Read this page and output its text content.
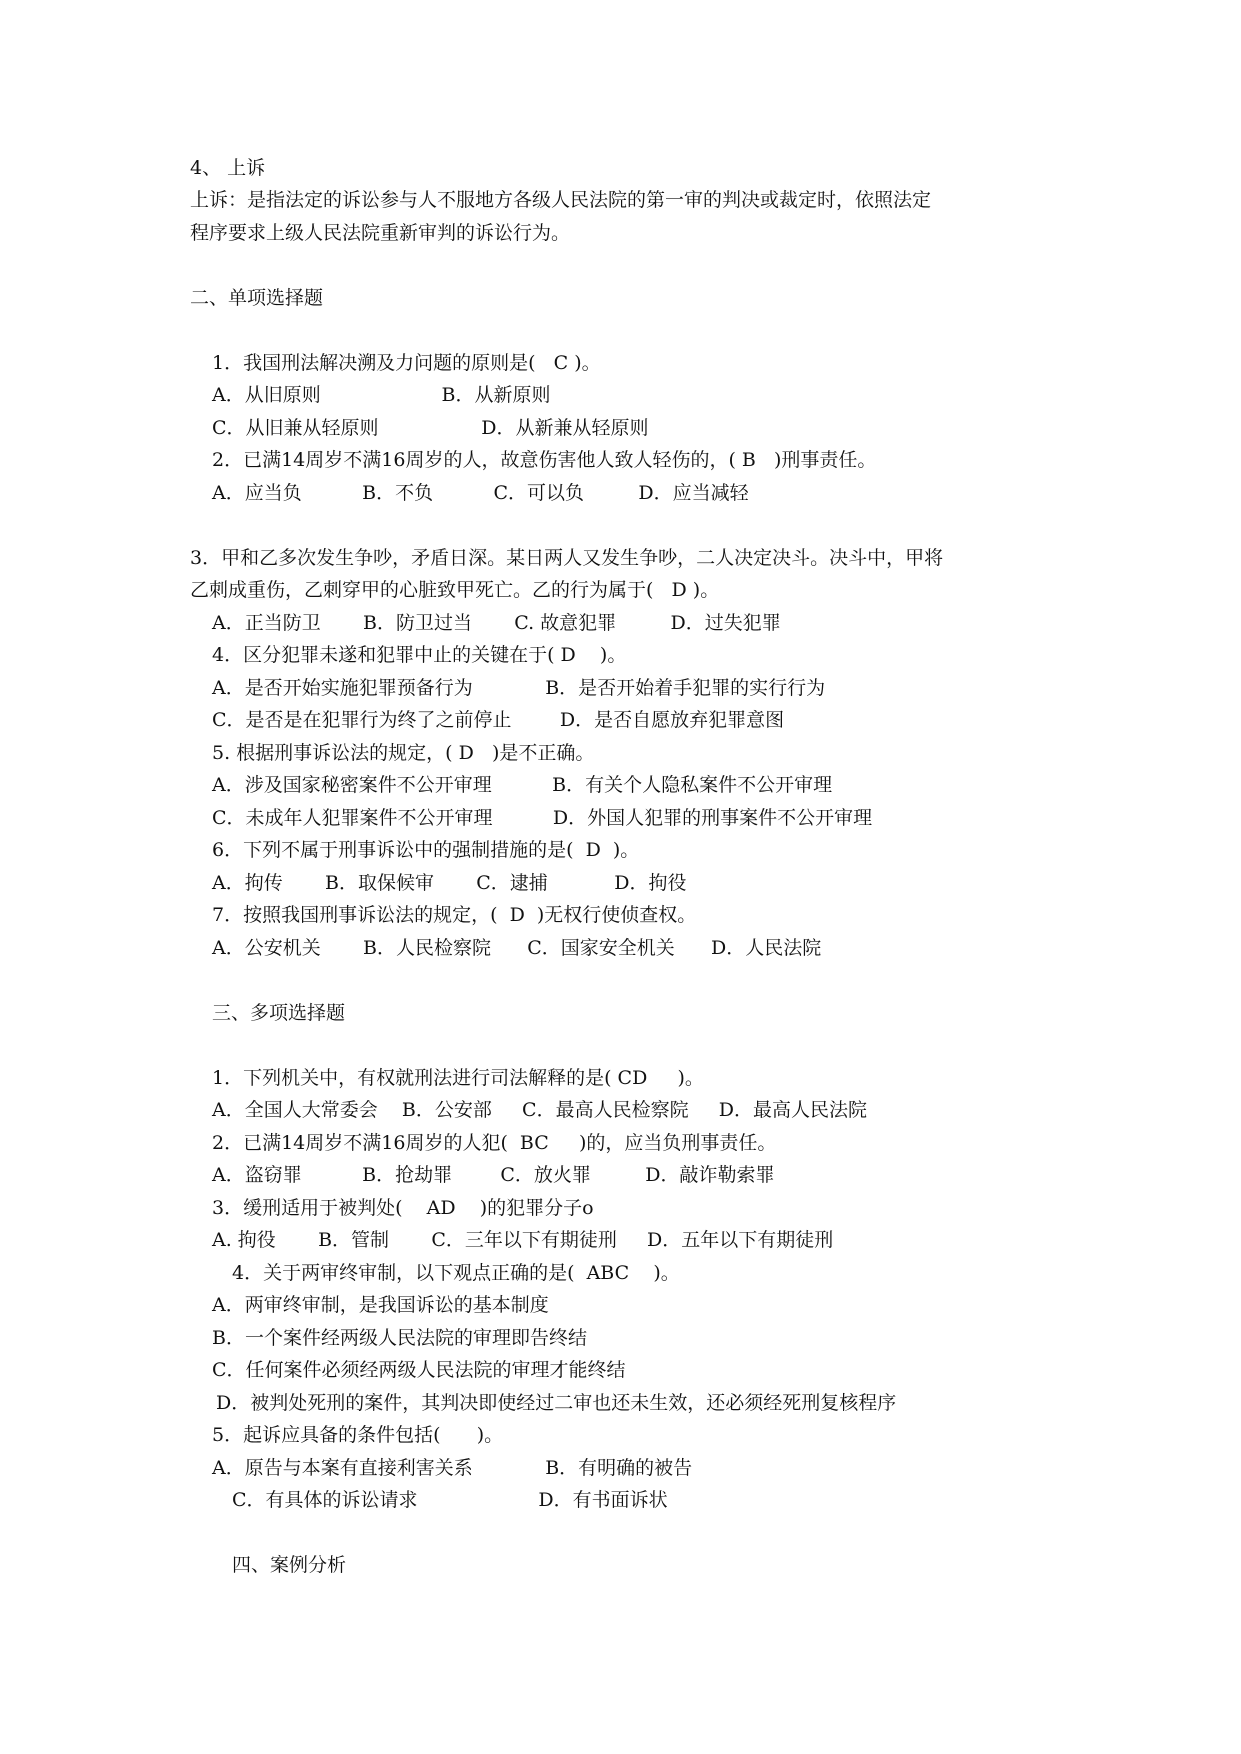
4、 上诉

上诉：是指法定的诉讼参与人不服地方各级人民法院的第一审的判决或裁定时，依照法定

程序要求上级人民法院重新审判的诉讼行为。

二、单项选择题

1．我国刑法解决溯及力问题的原则是(   C )。

A．从旧原则                    B．从新原则

C．从旧兼从轻原则                 D．从新兼从轻原则

2．已满14周岁不满16周岁的人，故意伤害他人致人轻伤的，( B   )刑事责任。

A．应当负          B．不负          C．可以负         D．应当减轻

3．甲和乙多次发生争吵，矛盾日深。某日两人又发生争吵，二人决定决斗。决斗中，甲将

乙刺成重伤，乙刺穿甲的心脏致甲死亡。乙的行为属于(   D )。

A．正当防卫       B．防卫过当       C. 故意犯罪         D．过失犯罪

4．区分犯罪未遂和犯罪中止的关键在于( D    )。

A．是否开始实施犯罪预备行为            B．是否开始着手犯罪的实行行为

C．是否是在犯罪行为终了之前停止        D．是否自愿放弃犯罪意图

5. 根据刑事诉讼法的规定，( D   )是不正确。

A．涉及国家秘密案件不公开审理          B．有关个人隐私案件不公开审理

C．未成年人犯罪案件不公开审理          D．外国人犯罪的刑事案件不公开审理

6．下列不属于刑事诉讼中的强制措施的是(  D  )。

A．拘传       B．取保候审       C．逮捕           D．拘役

7．按照我国刑事诉讼法的规定，(  D  )无权行使侦查权。

A．公安机关       B．人民检察院      C．国家安全机关      D．人民法院

三、多项选择题

1．下列机关中，有权就刑法进行司法解释的是( CD     )。

A．全国人大常委会    B．公安部     C．最高人民检察院     D．最高人民法院

2．已满14周岁不满16周岁的人犯(  BC     )的，应当负刑事责任。

A．盗窃罪          B．抢劫罪        C．放火罪         D．敲诈勒索罪

3．缓刑适用于被判处(    AD    )的犯罪分子o

A. 拘役       B．管制       C．三年以下有期徒刑     D．五年以下有期徒刑

4．关于两审终审制，以下观点正确的是(  ABC    )。

A．两审终审制，是我国诉讼的基本制度

B．一个案件经两级人民法院的审理即告终结

C．任何案件必须经两级人民法院的审理才能终结

D．被判处死刑的案件，其判决即使经过二审也还未生效，还必须经死刑复核程序

5．起诉应具备的条件包括(      )。

A．原告与本案有直接利害关系            B．有明确的被告

C．有具体的诉讼请求                    D．有书面诉状

四、案例分析
